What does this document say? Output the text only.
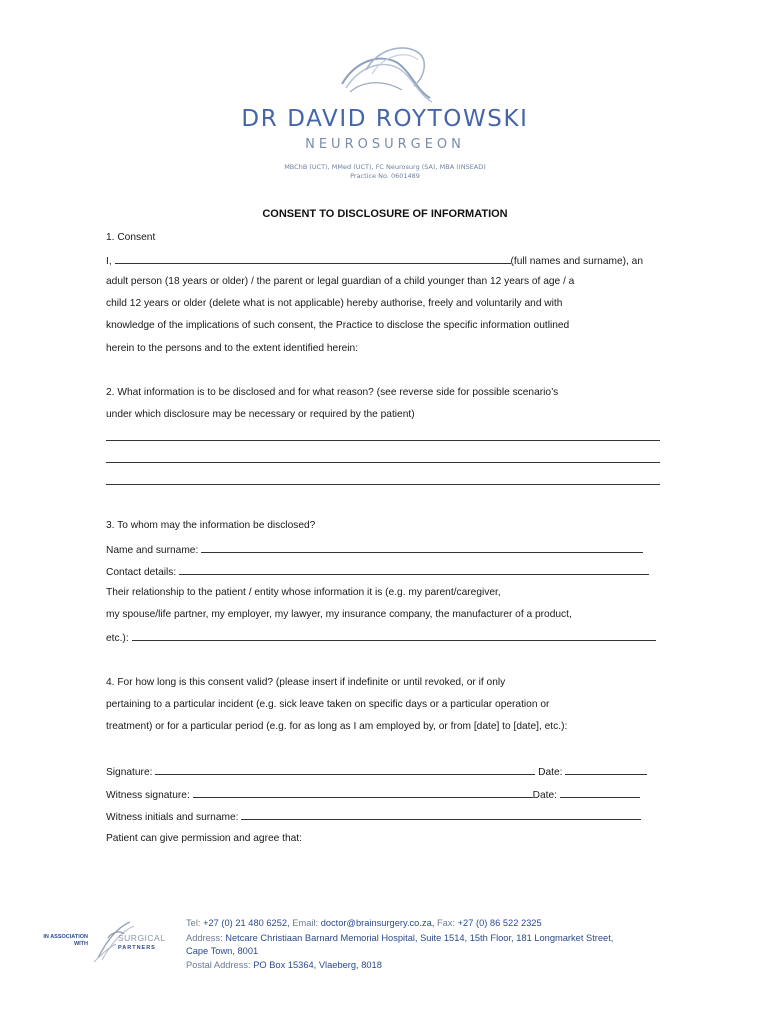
DR DAVID ROYTOWSKI
NEUROSURGEON
MBChB (UCT), MMed (UCT), FC Neurosurg (SA), MBA (INSEAD)
Practice No. 0601489
CONSENT TO DISCLOSURE OF INFORMATION
1. Consent
I,	(full names and surname), an
adult person (18 years or older) / the parent or legal guardian of a child younger than 12 years of age / a
child 12 years or older (delete what is not applicable) hereby authorise, freely and voluntarily and with
knowledge of the implications of such consent, the Practice to disclose the specific information outlined
herein to the persons and to the extent identified herein:
2. What information is to be disclosed and for what reason? (see reverse side for possible scenario’s
under which disclosure may be necessary or required by the patient)
3. To whom may the information be disclosed?
Name and surname:
Contact details:
Their relationship to the patient / entity whose information it is (e.g. my parent/caregiver,
my spouse/life partner, my employer, my lawyer, my insurance company, the manufacturer of a product,
etc.):
4. For how long is this consent valid? (please insert if indefinite or until revoked, or if only
pertaining to a particular incident (e.g. sick leave taken on specific days or a particular operation or
treatment) or for a particular period (e.g. for as long as I am employed by, or from [date] to [date], etc.):
Signature:	Date:
Witness signature:	Date:
Witness initials and surname:
Patient can give permission and agree that:
IN ASSOCIATION
WITH
SURGICAL
PARTNERS
Tel: +27 (0) 21 480 6252, Email: doctor@brainsurgery.co.za, Fax: +27 (0) 86 522 2325
Address: Netcare Christiaan Barnard Memorial Hospital, Suite 1514, 15th Floor, 181 Longmarket Street,
Cape Town, 8001
Postal Address: PO Box 15364, Vlaeberg, 8018
